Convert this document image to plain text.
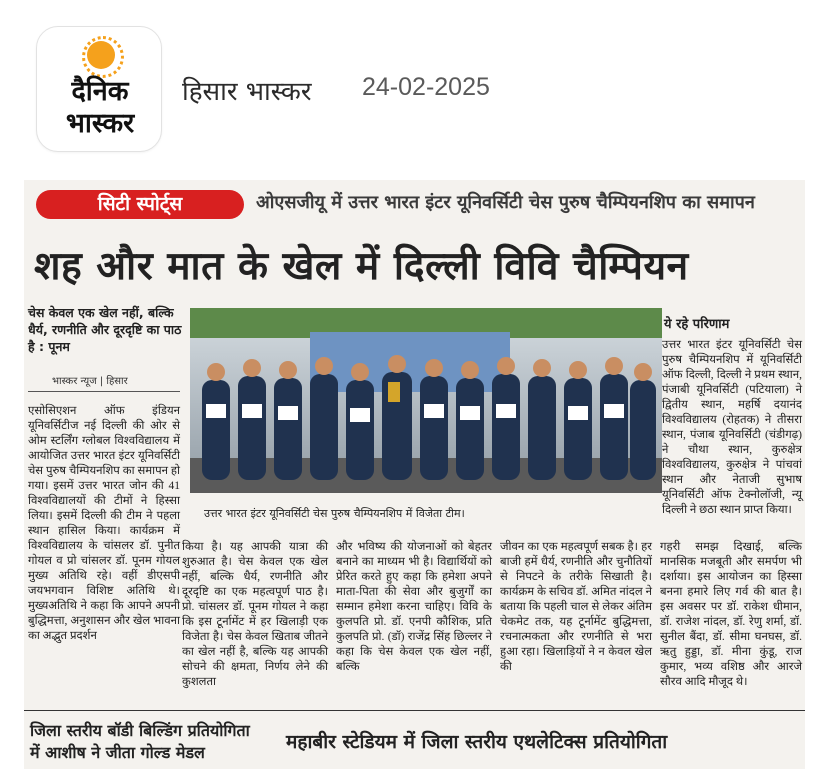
दैनिक
भास्कर
हिसार भास्कर 24-02-2025
सिटी स्पोर्ट्स	ओएसजीयू में उत्तर भारत इंटर यूनिवर्सिटी चेस पुरुष चैम्पियनशिप का समापन
शह और मात के खेल में दिल्ली विवि चैम्पियन
चेस केवल एक खेल नहीं, बल्कि धैर्य, रणनीति और दूरदृष्टि का पाठ है : पूनम
भास्कर न्यूज | हिसार
उत्तर भारत इंटर यूनिवर्सिटी चेस पुरुष चैम्पियनशिप में विजेता टीम।
ये रहे परिणाम
उत्तर भारत इंटर यूनिवर्सिटी चेस पुरुष चैम्पियनशिप में यूनिवर्सिटी ऑफ दिल्ली, दिल्ली ने प्रथम स्थान, पंजाबी यूनिवर्सिटी (पटियाला) ने द्वितीय स्थान, महर्षि दयानंद विश्वविद्यालय (रोहतक) ने तीसरा स्थान, पंजाब यूनिवर्सिटी (चंडीगढ़) ने चौथा स्थान, कुरुक्षेत्र विश्वविद्यालय, कुरुक्षेत्र ने पांचवां स्थान और नेताजी सुभाष यूनिवर्सिटी ऑफ टेक्नोलॉजी, न्यू दिल्ली ने छठा स्थान प्राप्त किया।
एसोसिएशन ऑफ इंडियन यूनिवर्सिटीज नई दिल्ली की ओर से ओम स्टर्लिंग ग्लोबल विश्वविद्यालय में आयोजित उत्तर भारत इंटर यूनिवर्सिटी चेस पुरुष चैम्पियनशिप का समापन हो गया। इसमें उत्तर भारत जोन की 41 विश्वविद्यालयों की टीमों ने हिस्सा लिया। इसमें दिल्ली की टीम ने पहला स्थान हासिल किया। कार्यक्रम में विश्वविद्यालय के चांसलर डॉ. पुनीत गोयल व प्रो चांसलर डॉ. पूनम गोयल मुख्य अतिथि रहे। वहीं डीएसपी जयभगवान विशिष्ट अतिथि थे। मुख्यअतिथि ने कहा कि आपने अपनी बुद्धिमत्ता, अनुशासन और खेल भावना का अद्भुत प्रदर्शन
किया है। यह आपकी यात्रा की शुरुआत है। चेस केवल एक खेल नहीं, बल्कि धैर्य, रणनीति और दूरदृष्टि का एक महत्वपूर्ण पाठ है। प्रो. चांसलर डॉ. पूनम गोयल ने कहा कि इस टूर्नामेंट में हर खिलाड़ी एक विजेता है। चेस केवल खिताब जीतने का खेल नहीं है, बल्कि यह आपकी सोचने की क्षमता, निर्णय लेने की कुशलता
और भविष्य की योजनाओं को बेहतर बनाने का माध्यम भी है। विद्यार्थियों को प्रेरित करते हुए कहा कि हमेशा अपने माता-पिता की सेवा और बुजुर्गों का सम्मान हमेशा करना चाहिए। विवि के कुलपति प्रो. डॉ. एनपी कौशिक, प्रति कुलपति प्रो. (डॉ) राजेंद्र सिंह छिल्लर ने कहा कि चेस केवल एक खेल नहीं, बल्कि
जीवन का एक महत्वपूर्ण सबक है। हर बाजी हमें धैर्य, रणनीति और चुनौतियों से निपटने के तरीके सिखाती है। कार्यक्रम के सचिव डॉ. अमित नांदल ने बताया कि पहली चाल से लेकर अंतिम चेकमेट तक, यह टूर्नामेंट बुद्धिमत्ता, रचनात्मकता और रणनीति से भरा हुआ रहा। खिलाड़ियों ने न केवल खेल की
गहरी समझ दिखाई, बल्कि मानसिक मजबूती और समर्पण भी दर्शाया। इस आयोजन का हिस्सा बनना हमारे लिए गर्व की बात है। इस अवसर पर डॉ. राकेश धीमान, डॉ. राजेश नांदल, डॉ. रेणु शर्मा, डॉ. सुनील बैंदा, डॉ. सीमा घनघस, डॉ. ऋतु हुड्डा, डॉ. मीना कुंडू, राज कुमार, भव्य वशिष्ठ और आरजे सौरव आदि मौजूद थे।
जिला स्तरीय बॉडी बिल्डिंग प्रतियोगिता में आशीष ने जीता गोल्ड मेडल	महाबीर स्टेडियम में जिला स्तरीय एथलेटिक्स प्रतियोगिता
